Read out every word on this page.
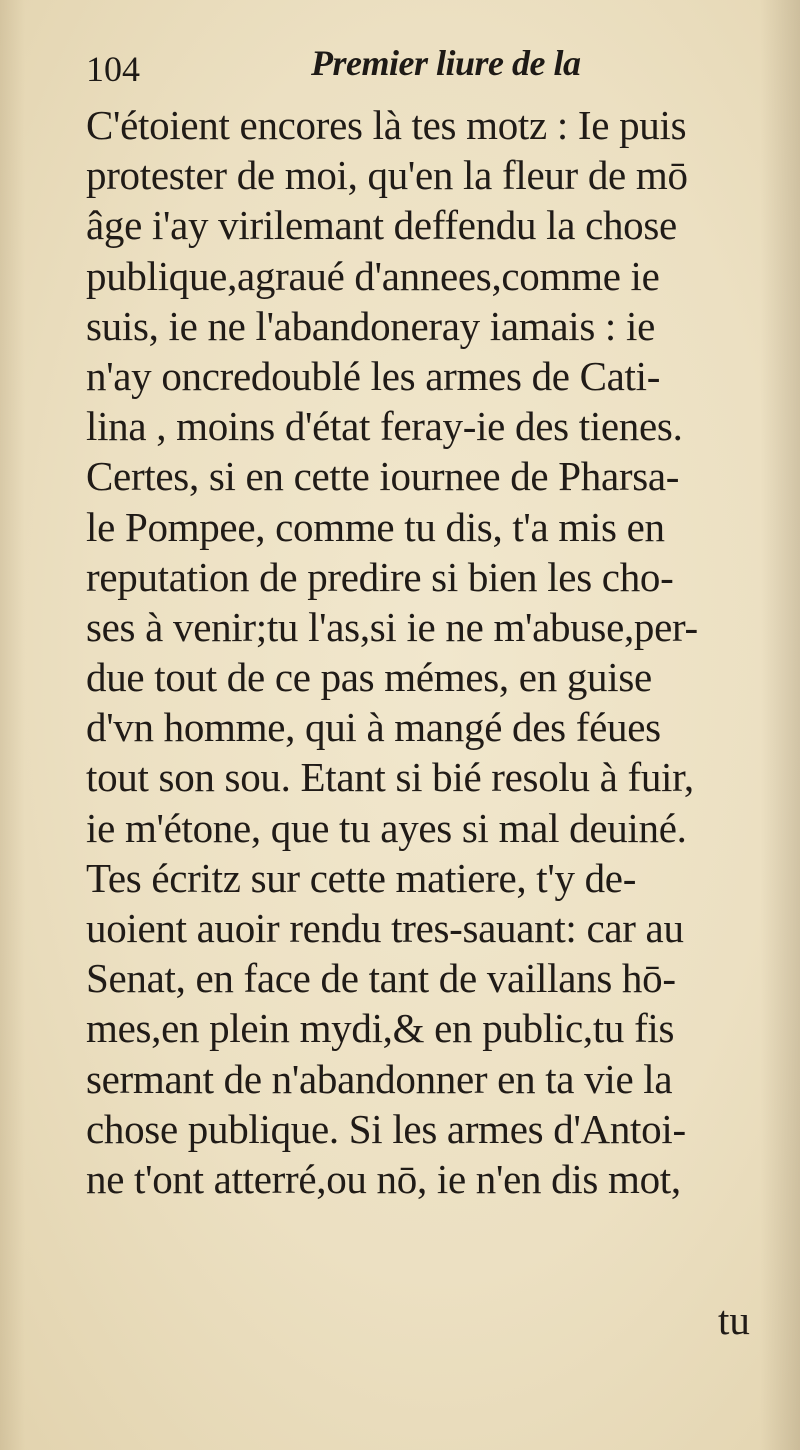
104	Premier liure de la
C'étoient encores là tes motz : Ie puis
protester de moi, qu'en la fleur de mō
âge i'ay virilemant deffendu la chose
publique,agraué d'annees,comme ie
suis, ie ne l'abandoneray iamais : ie
n'ay oncredoublé les armes de Cati-
lina , moins d'état feray-ie des tienes.
Certes, si en cette iournee de Pharsa-
le Pompee, comme tu dis, t'a mis en
reputation de predire si bien les cho-
ses à venir;tu l'as,si ie ne m'abuse,per-
due tout de ce pas mémes, en guise
d'vn homme, qui à mangé des féues
tout son sou. Etant si bié resolu à fuir,
ie m'étone, que tu ayes si mal deuiné.
Tes écritz sur cette matiere, t'y de-
uoient auoir rendu tres-sauant: car au
Senat, en face de tant de vaillans hō-
mes,en plein mydi,& en public,tu fis
sermant de n'abandonner en ta vie la
chose publique. Si les armes d'Antoi-
ne t'ont atterré,ou nō, ie n'en dis mot,
tu
